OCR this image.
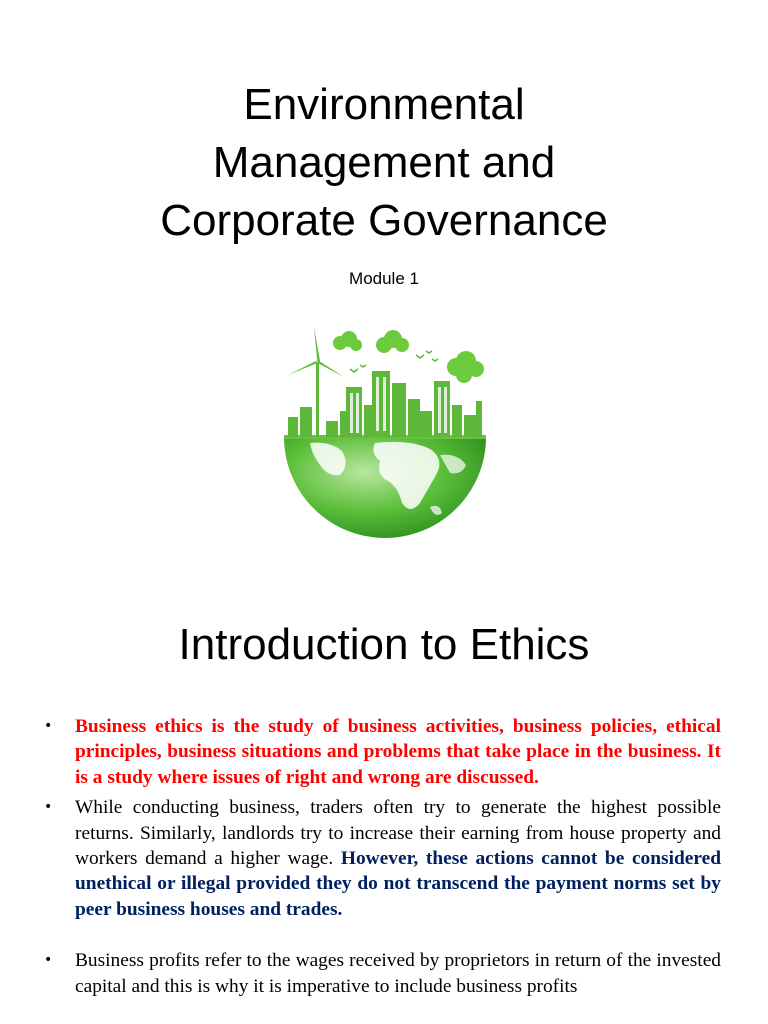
Environmental
Management and
Corporate Governance
Module 1
Introduction to Ethics
• Business ethics is the study of business activities, business policies, ethical principles, business situations and problems that take place in the business. It is a study where issues of right and wrong are discussed.
• While conducting business, traders often try to generate the highest possible returns. Similarly, landlords try to increase their earning from house property and workers demand a higher wage. However, these actions cannot be considered unethical or illegal provided they do not transcend the payment norms set by peer business houses and trades.
• Business profits refer to the wages received by proprietors in return of the invested capital and this is why it is imperative to include business profits
